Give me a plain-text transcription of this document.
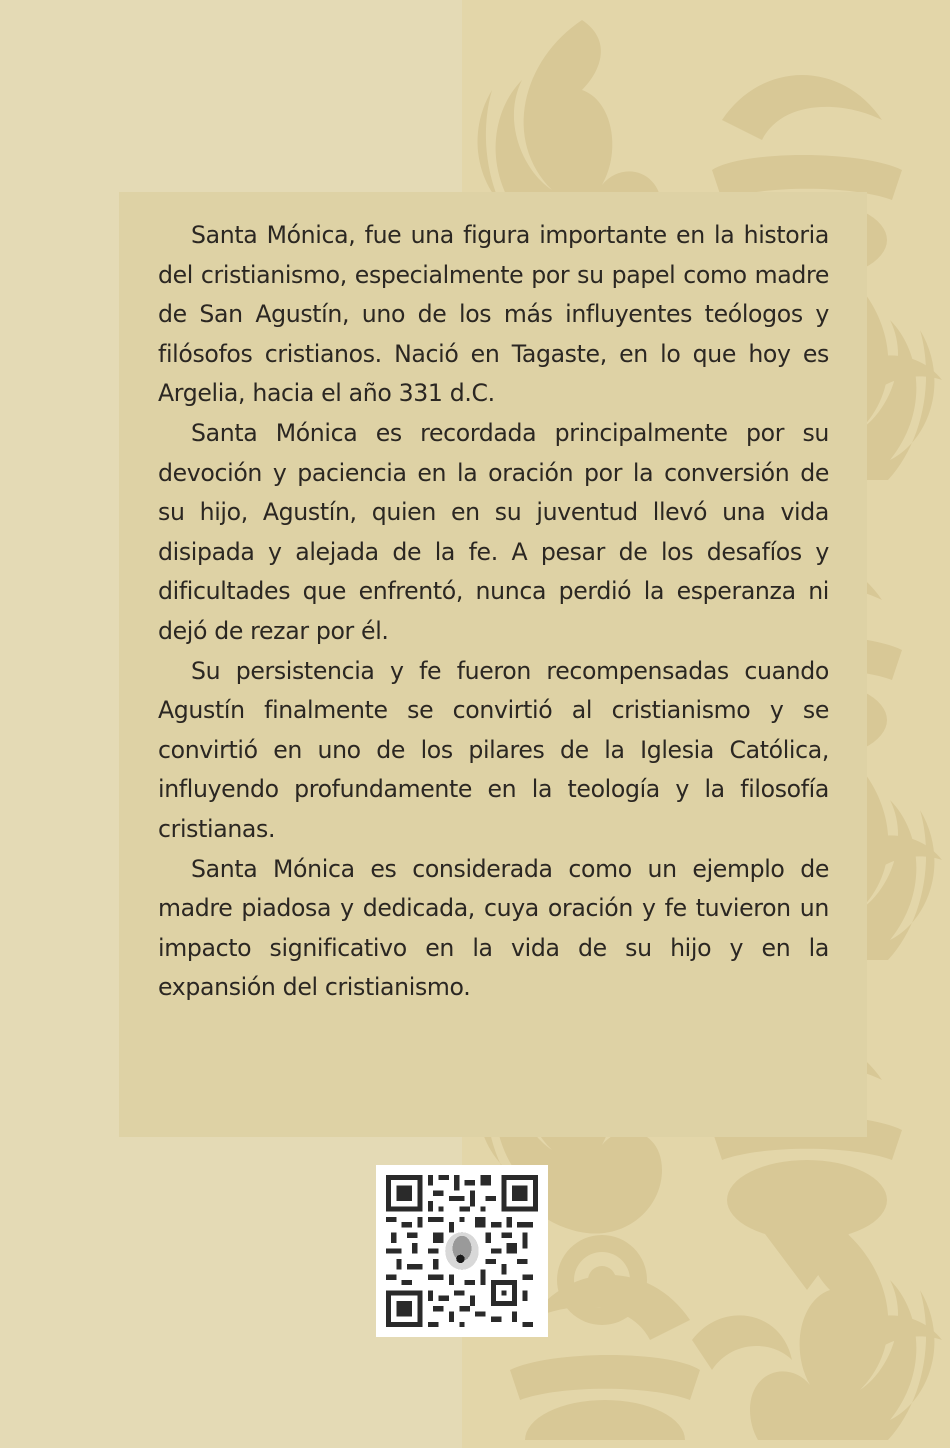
Santa Mónica, fue una figura importante en la historia del cristianismo, especialmente por su papel como madre de San Agustín, uno de los más influyentes teólogos y filósofos cristianos. Nació en Tagaste, en lo que hoy es Argelia, hacia el año 331 d.C.

Santa Mónica es recordada principalmente por su devoción y paciencia en la oración por la conversión de su hijo, Agustín, quien en su juventud llevó una vida disipada y alejada de la fe. A pesar de los desafíos y dificultades que enfrentó, nunca perdió la esperanza ni dejó de rezar por él.

Su persistencia y fe fueron recompensadas cuando Agustín finalmente se convirtió al cristianismo y se convirtió en uno de los pilares de la Iglesia Católica, influyendo profundamente en la teología y la filosofía cristianas.

Santa Mónica es considerada como un ejemplo de madre piadosa y dedicada, cuya oración y fe tuvieron un impacto significativo en la vida de su hijo y en la expansión del cristianismo.
